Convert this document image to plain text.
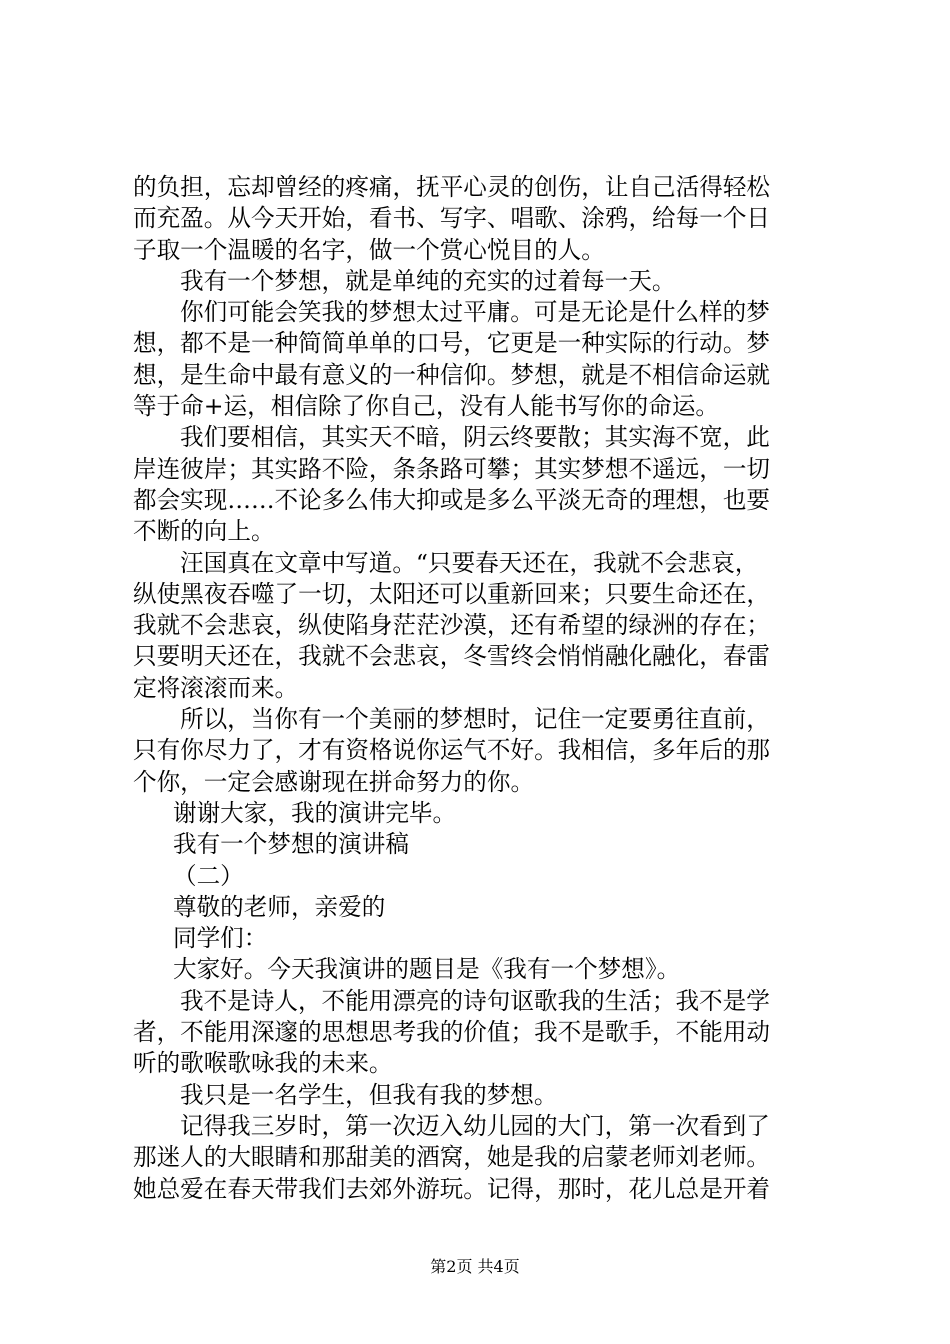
的负担，忘却曾经的疼痛，抚平心灵的创伤，让自己活得轻松
而充盈。从今天开始，看书、写字、唱歌、涂鸦，给每一个日
子取一个温暖的名字，做一个赏心悦目的人。
我有一个梦想，就是单纯的充实的过着每一天。
你们可能会笑我的梦想太过平庸。可是无论是什么样的梦
想，都不是一种简简单单的口号，它更是一种实际的行动。梦
想，是生命中最有意义的一种信仰。梦想，就是不相信命运就
等于命+运，相信除了你自己，没有人能书写你的命运。
我们要相信，其实天不暗，阴云终要散；其实海不宽，此
岸连彼岸；其实路不险，条条路可攀；其实梦想不遥远，一切
都会实现……不论多么伟大抑或是多么平淡无奇的理想，也要
不断的向上。
汪国真在文章中写道。“只要春天还在，我就不会悲哀，
纵使黑夜吞噬了一切，太阳还可以重新回来；只要生命还在，
我就不会悲哀，纵使陷身茫茫沙漠，还有希望的绿洲的存在；
只要明天还在，我就不会悲哀，冬雪终会悄悄融化融化，春雷
定将滚滚而来。
所以，当你有一个美丽的梦想时，记住一定要勇往直前，
只有你尽力了，才有资格说你运气不好。我相信，多年后的那
个你，一定会感谢现在拼命努力的你。
谢谢大家，我的演讲完毕。
我有一个梦想的演讲稿
（二）
尊敬的老师，亲爱的
同学们：
大家好。今天我演讲的题目是《我有一个梦想》。
我不是诗人，不能用漂亮的诗句讴歌我的生活；我不是学
者，不能用深邃的思想思考我的价值；我不是歌手，不能用动
听的歌喉歌咏我的未来。
我只是一名学生，但我有我的梦想。
记得我三岁时，第一次迈入幼儿园的大门，第一次看到了
那迷人的大眼睛和那甜美的酒窝，她是我的启蒙老师刘老师。
她总爱在春天带我们去郊外游玩。记得，那时，花儿总是开着
第2页 共4页
